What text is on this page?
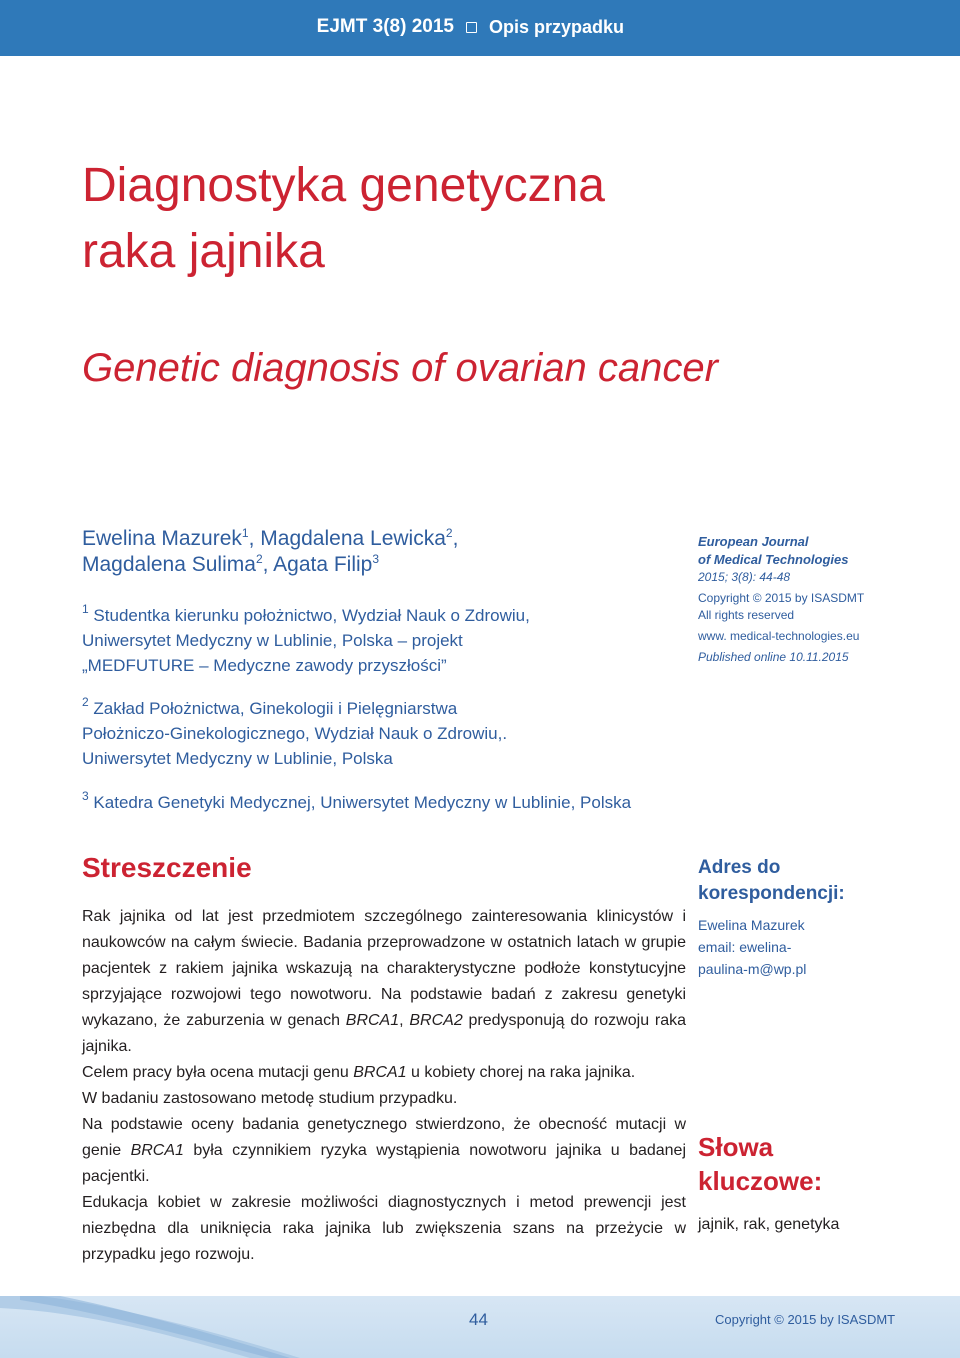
EJMT 3(8) 2015 Opis przypadku
Diagnostyka genetyczna
raka jajnika
Genetic diagnosis of ovarian cancer
Ewelina Mazurek$^1$, Magdalena Lewicka$^2$,
Magdalena Sulima$^2$, Agata Filip$^3$
$^1$ Studentka kierunku położnictwo, Wydział Nauk o Zdrowiu,
Uniwersytet Medyczny w Lublinie, Polska – projekt
„MEDFUTURE – Medyczne zawody przyszłości”
$^2$ Zakład Położnictwa, Ginekologii i Pielęgniarstwa
Położniczo-Ginekologicznego, Wydział Nauk o Zdrowiu,.
Uniwersytet Medyczny w Lublinie, Polska
$^3$ Katedra Genetyki Medycznej, Uniwersytet Medyczny w Lublinie, Polska
European Journal
of Medical Technologies
2015; 3(8): 44-48
Copyright © 2015 by ISASDMT
All rights reserved
www. medical-technologies.eu
Published online 10.11.2015
Streszczenie

Rak jajnika od lat jest przedmiotem szczególnego zainteresowania klinicystów i naukowców na całym świecie. Badania przeprowadzone w ostatnich latach w grupie pacjentek z rakiem jajnika wskazują na charakterystyczne podłoże konstytucyjne sprzyjające rozwojowi tego nowotworu. Na podstawie badań z zakresu genetyki wykazano, że zaburzenia w genach BRCA1, BRCA2 predysponują do rozwoju raka jajnika.

Celem pracy była ocena mutacji genu BRCA1 u kobiety chorej na raka jajnika.

W badaniu zastosowano metodę studium przypadku.

Na podstawie oceny badania genetycznego stwierdzono, że obecność mutacji w genie BRCA1 była czynnikiem ryzyka wystąpienia nowotworu jajnika u badanej pacjentki.

Edukacja kobiet w zakresie możliwości diagnostycznych i metod prewencji jest niezbędna dla uniknięcia raka jajnika lub zwiększenia szans na przeżycie w przypadku jego rozwoju.

Adres do
korespondencji:
Ewelina Mazurek
email: ewelina-
paulina-m@wp.pl
Słowa
kluczowe:
jajnik, rak, genetyka
44	Copyright © 2015 by ISASDMT
